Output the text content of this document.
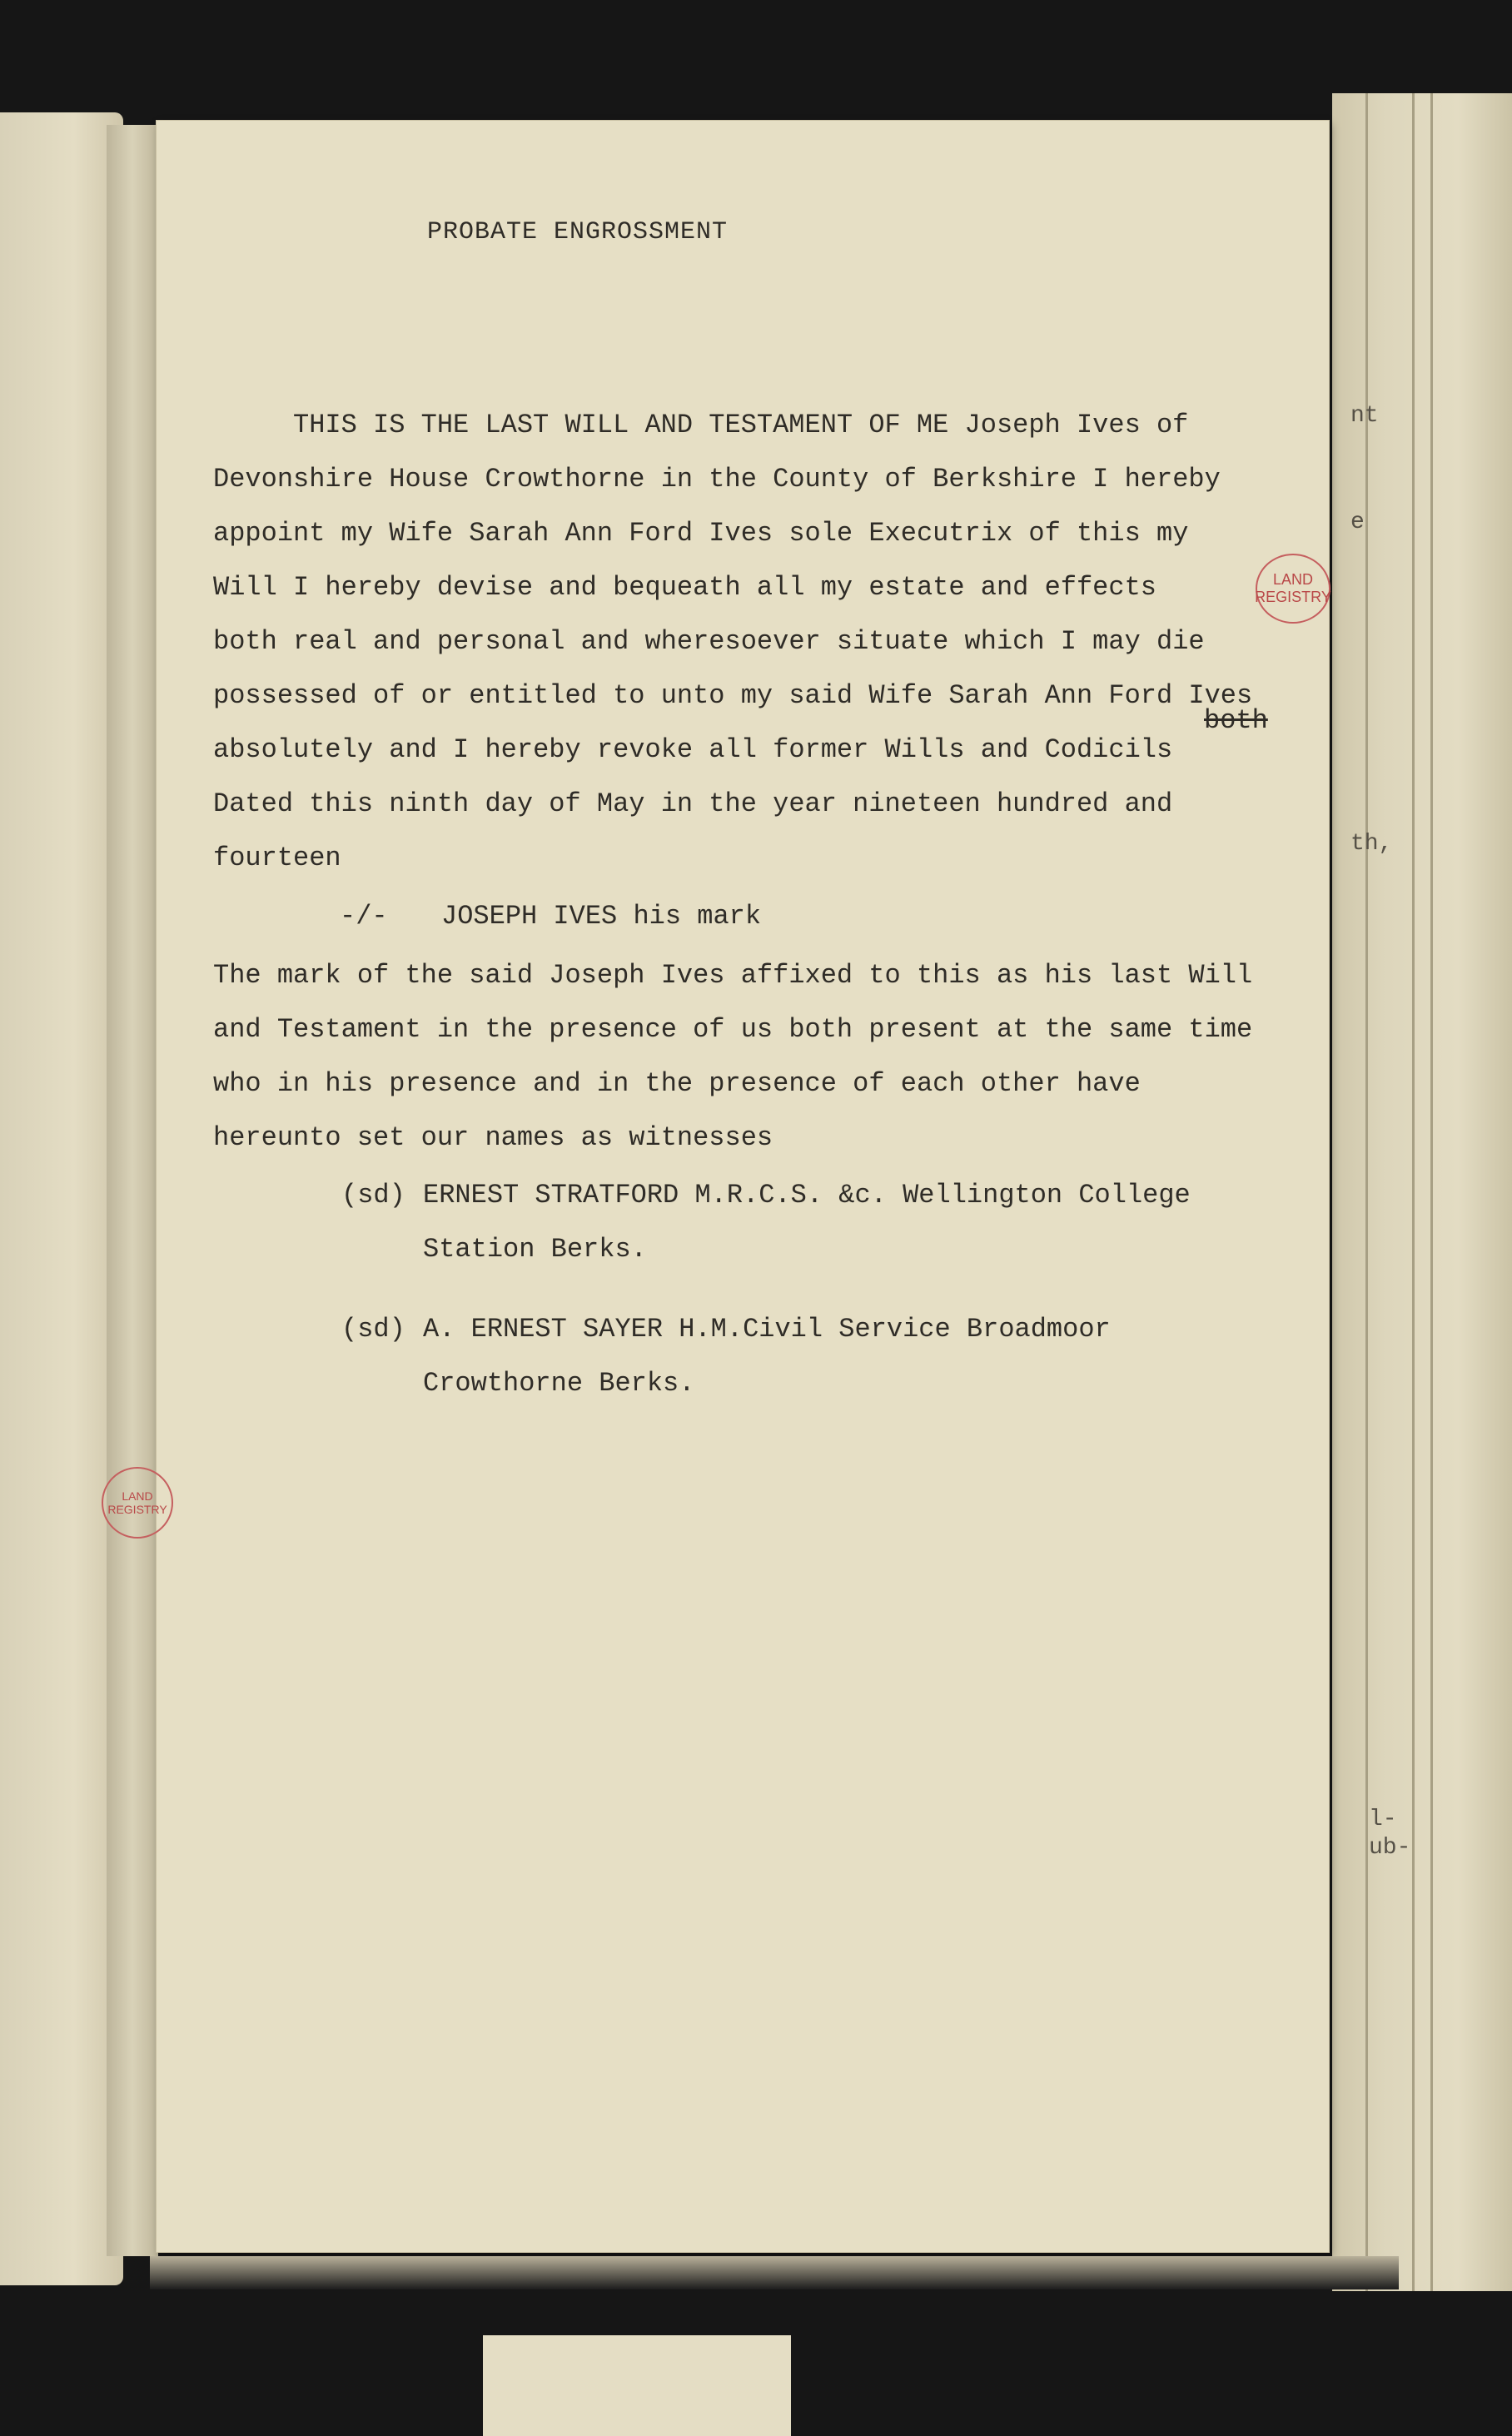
nt
e
th,
l-
ub-
PROBATE ENGROSSMENT
THIS IS THE LAST WILL AND TESTAMENT OF ME Joseph Ives of
Devonshire House Crowthorne in the County of Berkshire I hereby
appoint my Wife Sarah Ann Ford Ives sole Executrix of this my
Will I hereby devise and bequeath all my estate and effects
both real and personal and wheresoever situate which I may die
possessed of or entitled to unto my said Wife Sarah Ann Ford Ives
absolutely and I hereby revoke all former Wills and Codicils
Dated this ninth day of May in the year nineteen hundred and
fourteen
both
-/- JOSEPH IVES his mark
The mark of the said Joseph Ives affixed to this as his last Will
and Testament in the presence of us both present at the same time
who in his presence and in the presence of each other have
hereunto set our names as witnesses
(sd) ERNEST STRATFORD M.R.C.S. &c. Wellington College
Station Berks.
(sd) A. ERNEST SAYER H.M.Civil Service Broadmoor
Crowthorne Berks.
LAND REGISTRY
LAND REGISTRY
